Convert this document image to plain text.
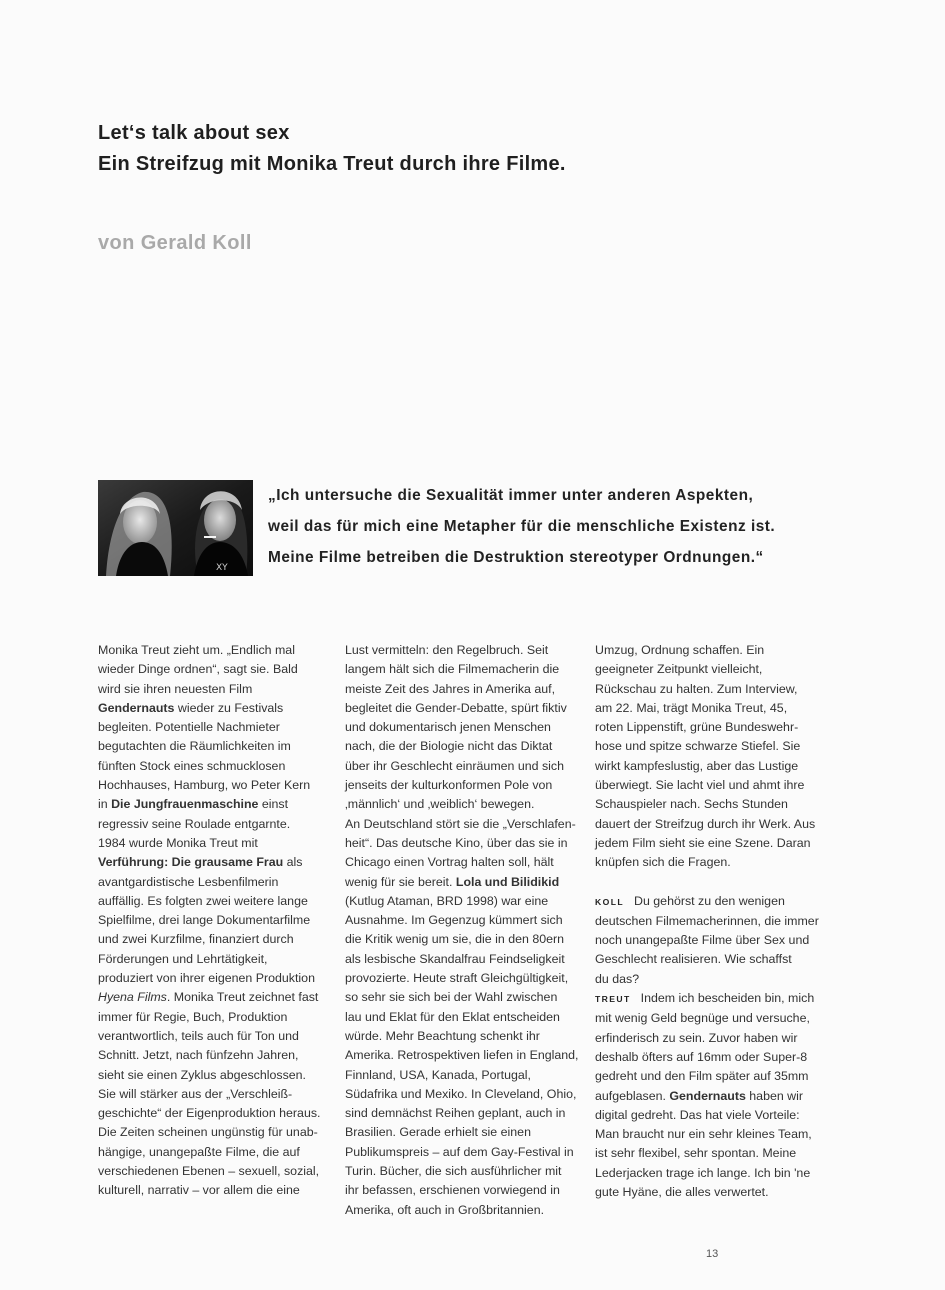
Let‘s talk about sex
Ein Streifzug mit Monika Treut durch ihre Filme.
von Gerald Koll
XY
„Ich untersuche die Sexualität immer unter anderen Aspekten,
weil das für mich eine Metapher für die menschliche Existenz ist.
Meine Filme betreiben die Destruktion stereotyper Ordnungen.“
Monika Treut zieht um. „Endlich mal
wieder Dinge ordnen“, sagt sie. Bald
wird sie ihren neuesten Film
Gendernauts wieder zu Festivals
begleiten. Potentielle Nachmieter
begutachten die Räumlichkeiten im
fünften Stock eines schmucklosen
Hochhauses, Hamburg, wo Peter Kern
in Die Jungfrauenmaschine einst
regressiv seine Roulade entgarnte.
1984 wurde Monika Treut mit
Verführung: Die grausame Frau als
avantgardistische Lesbenfilmerin
auffällig. Es folgten zwei weitere lange
Spielfilme, drei lange Dokumentarfilme
und zwei Kurzfilme, finanziert durch
Förderungen und Lehrtätigkeit,
produziert von ihrer eigenen Produktion
Hyena Films. Monika Treut zeichnet fast
immer für Regie, Buch, Produktion
verantwortlich, teils auch für Ton und
Schnitt. Jetzt, nach fünfzehn Jahren,
sieht sie einen Zyklus abgeschlossen.
Sie will stärker aus der „Verschleiß-
geschichte“ der Eigenproduktion heraus.
Die Zeiten scheinen ungünstig für unab-
hängige, unangepaßte Filme, die auf
verschiedenen Ebenen – sexuell, sozial,
kulturell, narrativ – vor allem die eine
Lust vermitteln: den Regelbruch. Seit
langem hält sich die Filmemacherin die
meiste Zeit des Jahres in Amerika auf,
begleitet die Gender-Debatte, spürt fiktiv
und dokumentarisch jenen Menschen
nach, die der Biologie nicht das Diktat
über ihr Geschlecht einräumen und sich
jenseits der kulturkonformen Pole von
‚männlich‘ und ‚weiblich‘ bewegen.
An Deutschland stört sie die „Verschlafen-
heit“. Das deutsche Kino, über das sie in
Chicago einen Vortrag halten soll, hält
wenig für sie bereit. Lola und Bilidikid
(Kutlug Ataman, BRD 1998) war eine
Ausnahme. Im Gegenzug kümmert sich
die Kritik wenig um sie, die in den 80ern
als lesbische Skandalfrau Feindseligkeit
provozierte. Heute straft Gleichgültigkeit,
so sehr sie sich bei der Wahl zwischen
lau und Eklat für den Eklat entscheiden
würde. Mehr Beachtung schenkt ihr
Amerika. Retrospektiven liefen in England,
Finnland, USA, Kanada, Portugal,
Südafrika und Mexiko. In Cleveland, Ohio,
sind demnächst Reihen geplant, auch in
Brasilien. Gerade erhielt sie einen
Publikumspreis – auf dem Gay-Festival in
Turin. Bücher, die sich ausführlicher mit
ihr befassen, erschienen vorwiegend in
Amerika, oft auch in Großbritannien.
Umzug, Ordnung schaffen. Ein
geeigneter Zeitpunkt vielleicht,
Rückschau zu halten. Zum Interview,
am 22. Mai, trägt Monika Treut, 45,
roten Lippenstift, grüne Bundeswehr-
hose und spitze schwarze Stiefel. Sie
wirkt kampfeslustig, aber das Lustige
überwiegt. Sie lacht viel und ahmt ihre
Schauspieler nach. Sechs Stunden
dauert der Streifzug durch ihr Werk. Aus
jedem Film sieht sie eine Szene. Daran
knüpfen sich die Fragen.
KOLL Du gehörst zu den wenigen
deutschen Filmemacherinnen, die immer
noch unangepaßte Filme über Sex und
Geschlecht realisieren. Wie schaffst
du das?
TREUT Indem ich bescheiden bin, mich
mit wenig Geld begnüge und versuche,
erfinderisch zu sein. Zuvor haben wir
deshalb öfters auf 16mm oder Super-8
gedreht und den Film später auf 35mm
aufgeblasen. Gendernauts haben wir
digital gedreht. Das hat viele Vorteile:
Man braucht nur ein sehr kleines Team,
ist sehr flexibel, sehr spontan. Meine
Lederjacken trage ich lange. Ich bin 'ne
gute Hyäne, die alles verwertet.
13
